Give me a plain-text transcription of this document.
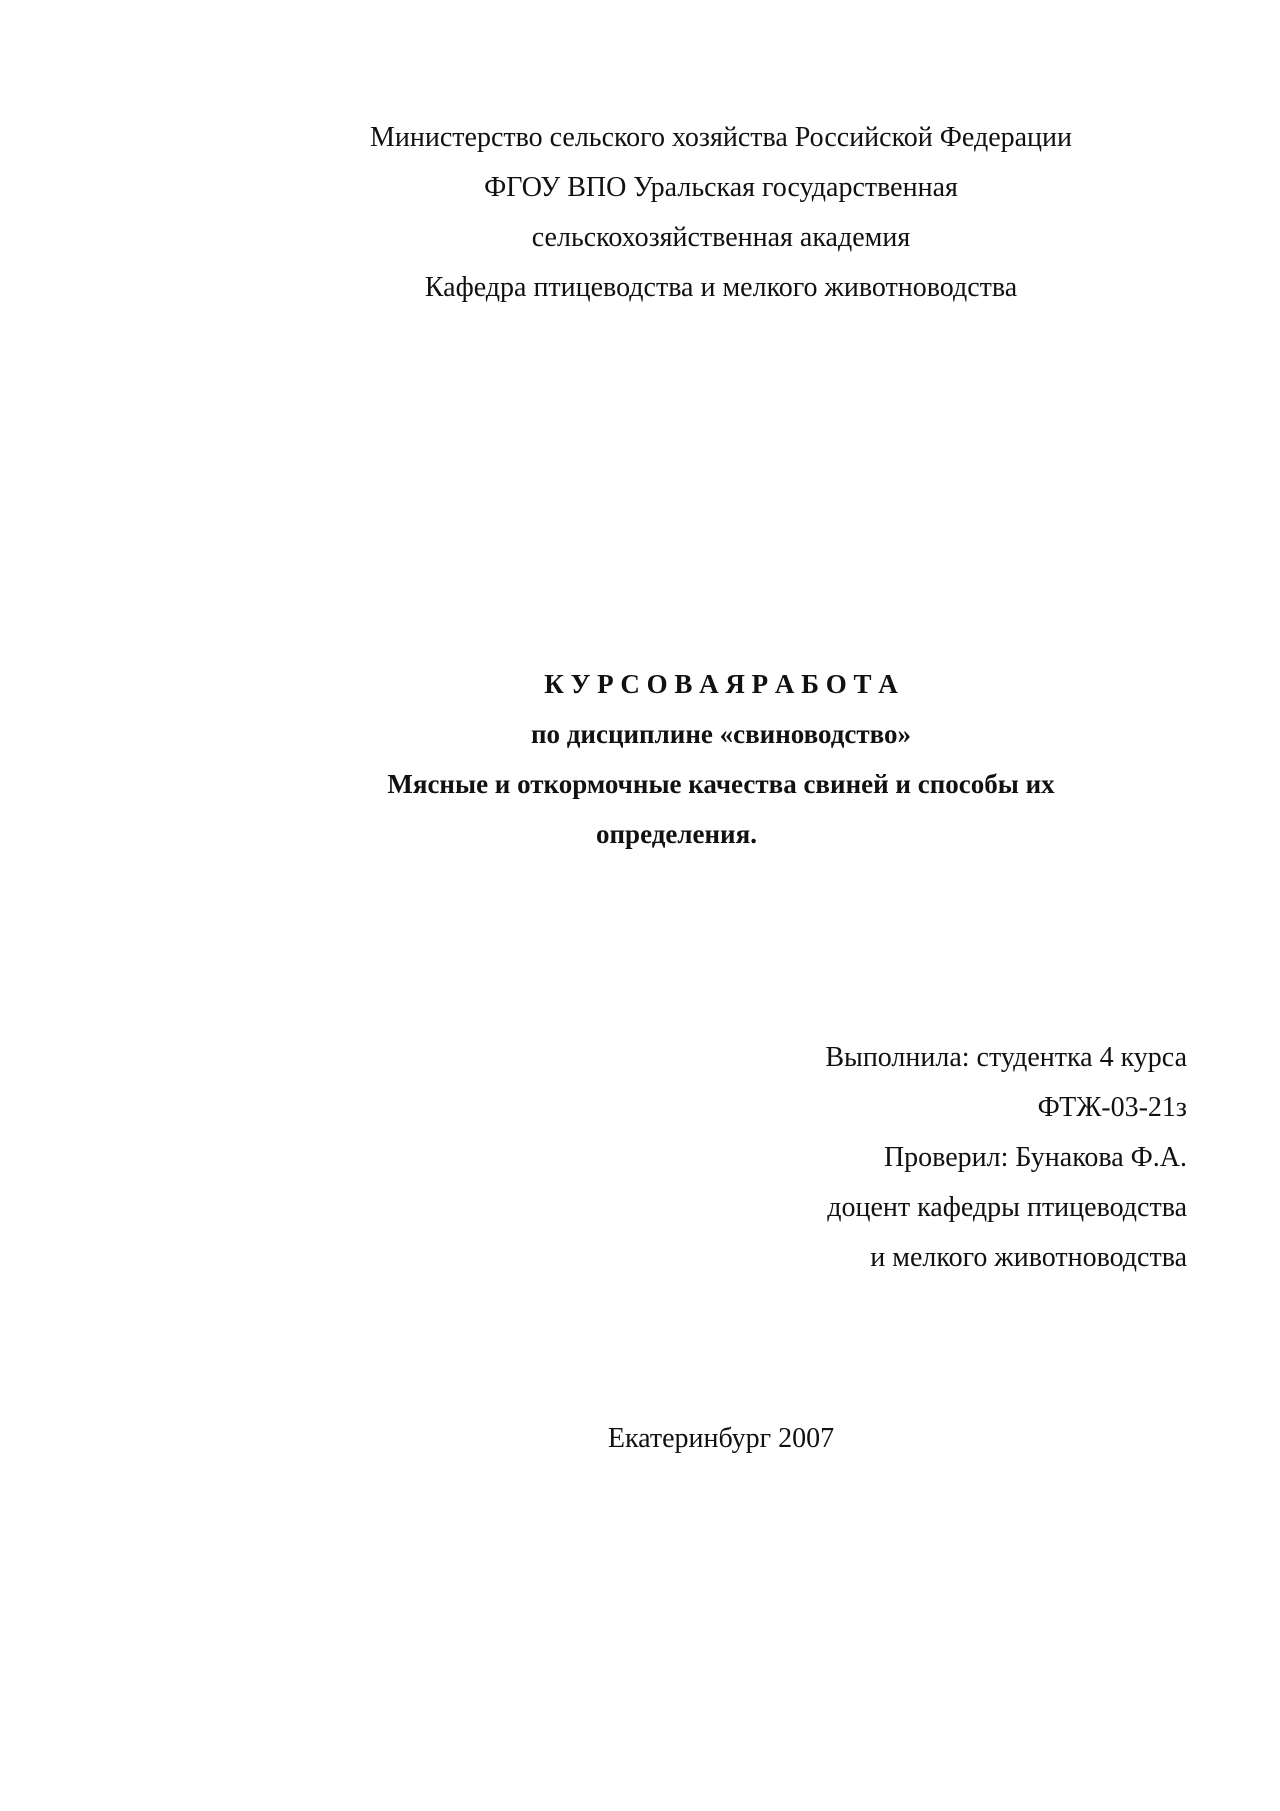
Министерство сельского хозяйства Российской Федерации
ФГОУ ВПО Уральская государственная
сельскохозяйственная академия
Кафедра птицеводства и мелкого животноводства
К У Р С О В А Я Р А Б О Т А
по дисциплине «свиноводство»
Мясные и откормочные качества свиней и способы их
определения.
Выполнила: студентка 4 курса
ФТЖ-03-21з
Проверил: Бунакова Ф.А.
доцент кафедры птицеводства
и мелкого животноводства
Екатеринбург 2007
